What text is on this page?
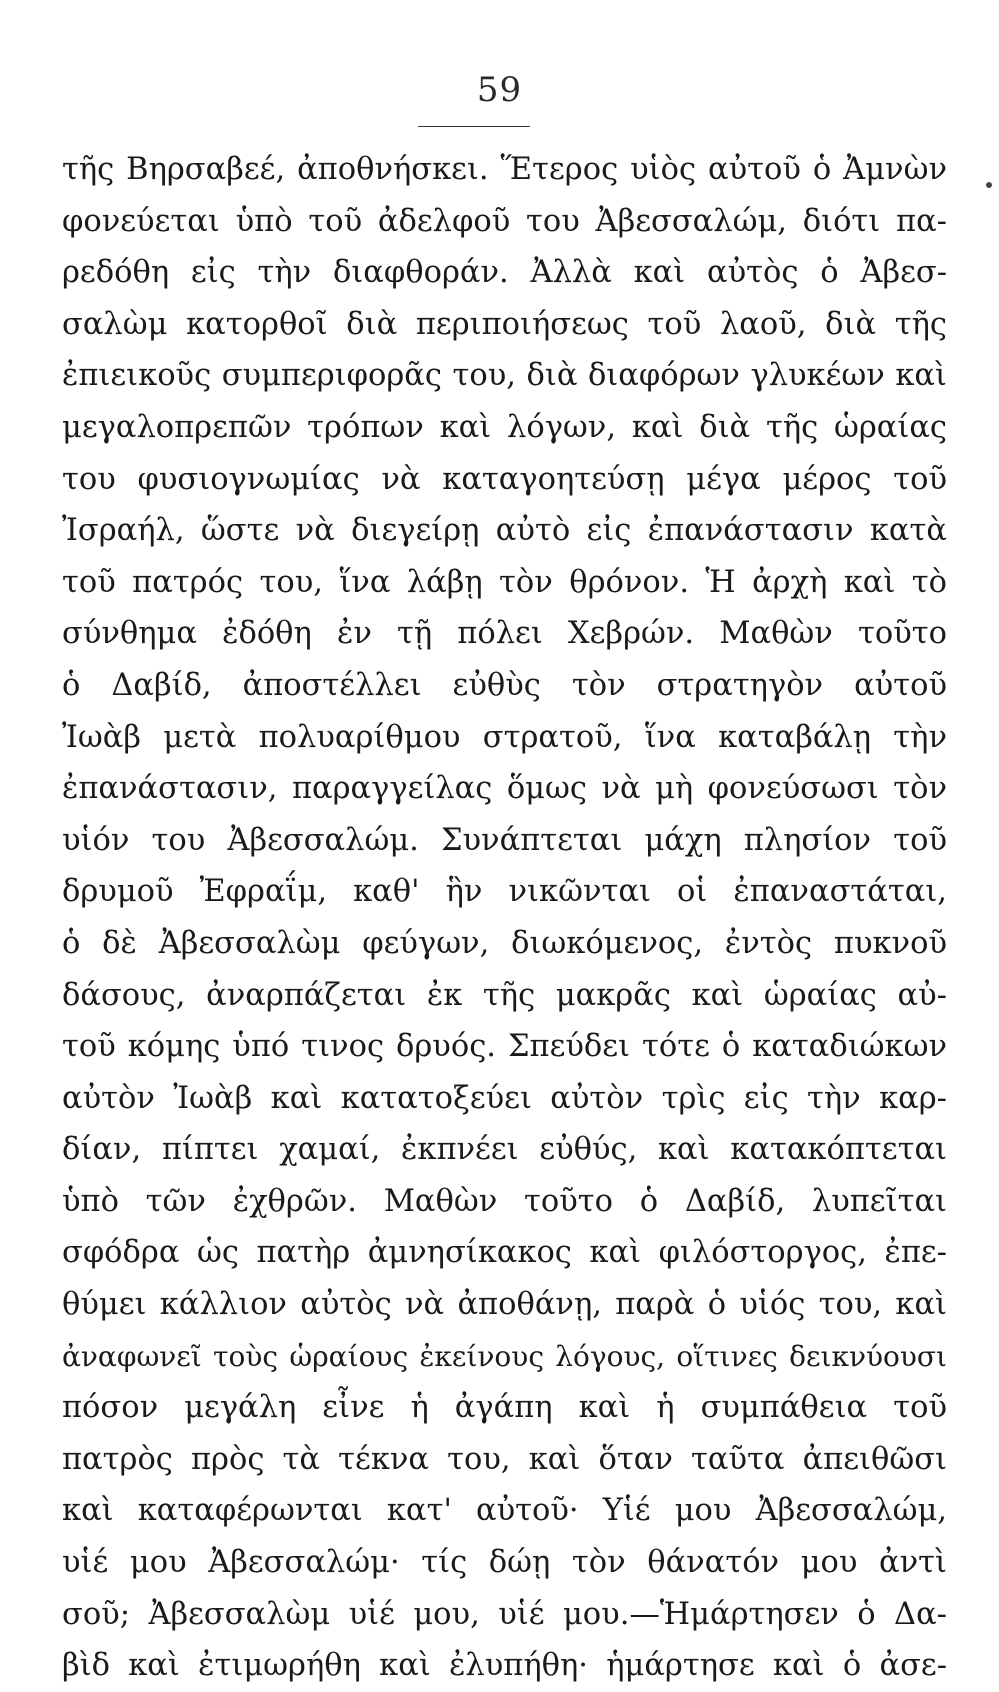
59
τῆς Βηρσαβεέ, ἀποθνήσκει. Ἕτερος υἱὸς αὐτοῦ ὁ Ἀμνὼν
φονεύεται ὑπὸ τοῦ ἀδελφοῦ του Ἀβεσσαλώμ, διότι πα-
ρεδόθη εἰς τὴν διαφθοράν. Ἀλλὰ καὶ αὐτὸς ὁ Ἀβεσ-
σαλὼμ κατορθοῖ διὰ περιποιήσεως τοῦ λαοῦ, διὰ τῆς
ἐπιεικοῦς συμπεριφορᾶς του, διὰ διαφόρων γλυκέων καὶ
μεγαλοπρεπῶν τρόπων καὶ λόγων, καὶ διὰ τῆς ὡραίας
του φυσιογνωμίας νὰ καταγοητεύσῃ μέγα μέρος τοῦ
Ἰσραήλ, ὥστε νὰ διεγείρῃ αὐτὸ εἰς ἐπανάστασιν κατὰ
τοῦ πατρός του, ἵνα λάβῃ τὸν θρόνον. Ἡ ἀρχὴ καὶ τὸ
σύνθημα ἐδόθη ἐν τῇ πόλει Χεβρών. Μαθὼν τοῦτο
ὁ Δαβίδ, ἀποστέλλει εὐθὺς τὸν στρατηγὸν αὐτοῦ
Ἰωὰβ μετὰ πολυαρίθμου στρατοῦ, ἵνα καταβάλῃ τὴν
ἐπανάστασιν, παραγγείλας ὅμως νὰ μὴ φονεύσωσι τὸν
υἱόν του Ἀβεσσαλώμ. Συνάπτεται μάχη πλησίον τοῦ
δρυμοῦ Ἐφραΐμ, καθ' ἣν νικῶνται οἱ ἐπαναστάται,
ὁ δὲ Ἀβεσσαλὼμ φεύγων, διωκόμενος, ἐντὸς πυκνοῦ
δάσους, ἀναρπάζεται ἐκ τῆς μακρᾶς καὶ ὡραίας αὐ-
τοῦ κόμης ὑπό τινος δρυός. Σπεύδει τότε ὁ καταδιώκων
αὐτὸν Ἰωὰβ καὶ κατατοξεύει αὐτὸν τρὶς εἰς τὴν καρ-
δίαν, πίπτει χαμαί, ἐκπνέει εὐθύς, καὶ κατακόπτεται
ὑπὸ τῶν ἐχθρῶν. Μαθὼν τοῦτο ὁ Δαβίδ, λυπεῖται
σφόδρα ὡς πατὴρ ἀμνησίκακος καὶ φιλόστοργος, ἐπε-
θύμει κάλλιον αὐτὸς νὰ ἀποθάνῃ, παρὰ ὁ υἱός του, καὶ
ἀναφωνεῖ τοὺς ὡραίους ἐκείνους λόγους, οἵτινες δεικνύουσι
πόσον μεγάλη εἶνε ἡ ἀγάπη καὶ ἡ συμπάθεια τοῦ
πατρὸς πρὸς τὰ τέκνα του, καὶ ὅταν ταῦτα ἀπειθῶσι
καὶ καταφέρωνται κατ' αὐτοῦ· Υἱέ μου Ἀβεσσαλώμ,
υἱέ μου Ἀβεσσαλώμ· τίς δώῃ τὸν θάνατόν μου ἀντὶ
σοῦ; Ἀβεσσαλὼμ υἱέ μου, υἱέ μου.—Ἡμάρτησεν ὁ Δα-
βὶδ καὶ ἐτιμωρήθη καὶ ἐλυπήθη· ἡμάρτησε καὶ ὁ ἀσε-
